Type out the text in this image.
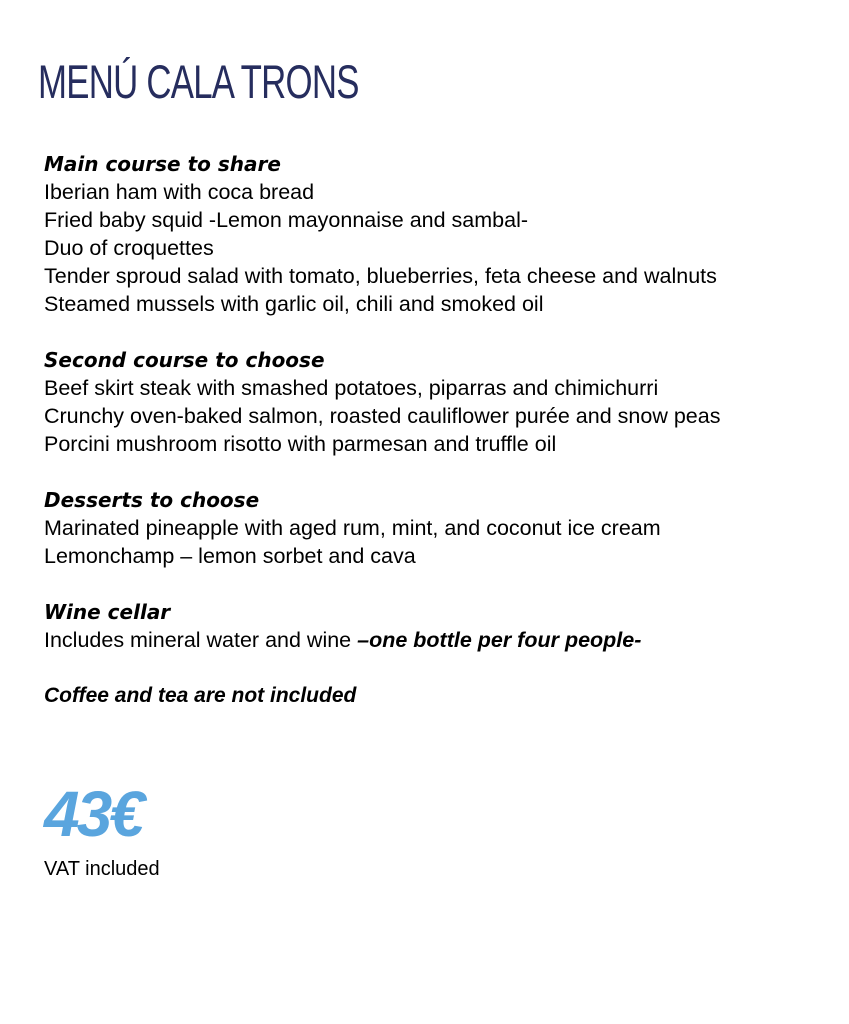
MENÚ CALA TRONS
Main course to share
Iberian ham with coca bread
Fried baby squid -Lemon mayonnaise and sambal-
Duo of croquettes
Tender sproud salad with tomato, blueberries, feta cheese and walnuts
Steamed mussels with garlic oil, chili and smoked oil
Second course to choose
Beef skirt steak with smashed potatoes, piparras and chimichurri
Crunchy oven-baked salmon, roasted cauliflower purée and snow peas
Porcini mushroom risotto with parmesan and truffle oil
Desserts to choose
Marinated pineapple with aged rum, mint, and coconut ice cream
Lemonchamp – lemon sorbet and cava
Wine cellar
Includes mineral water and wine –one bottle per four people-
Coffee and tea are not included
43€
VAT included
